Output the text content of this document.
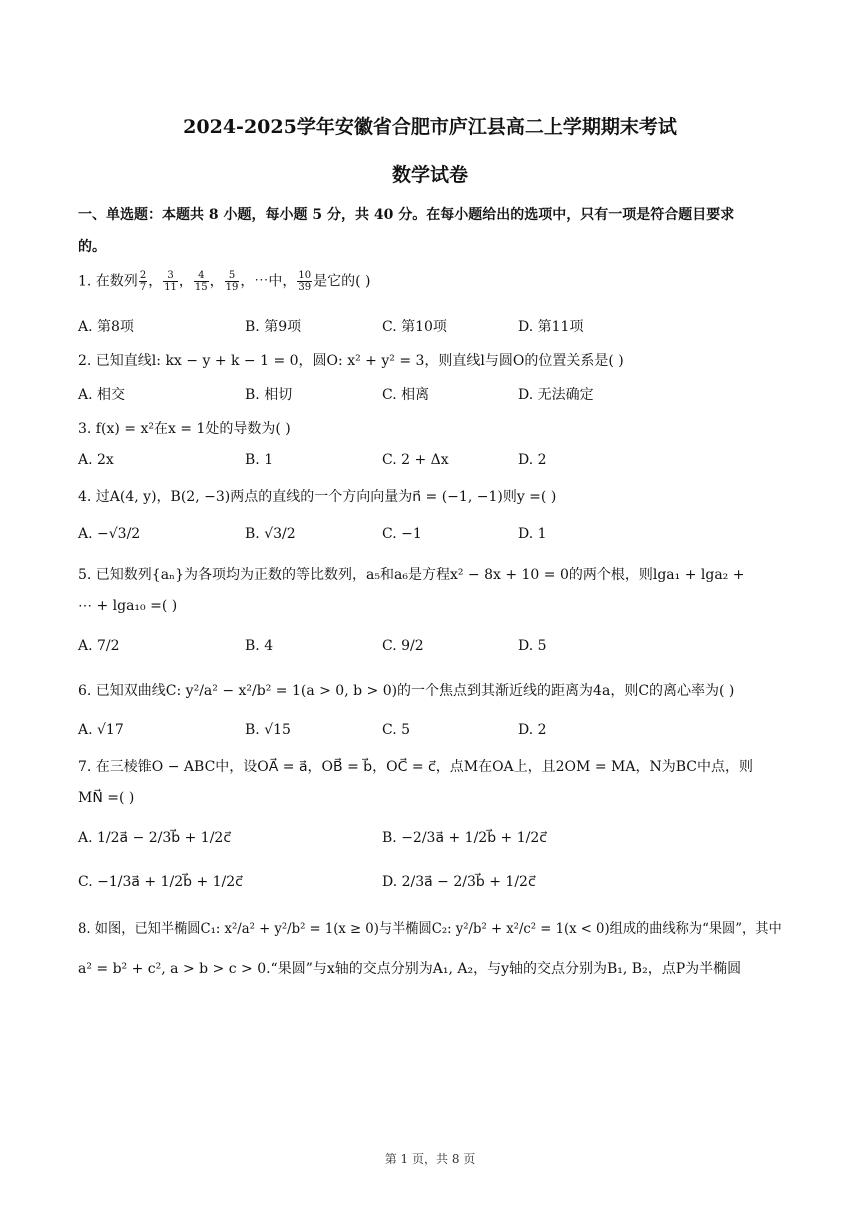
2024-2025学年安徽省合肥市庐江县高二上学期期末考试
数学试卷
一、单选题：本题共 8 小题，每小题 5 分，共 40 分。在每小题给出的选项中，只有一项是符合题目要求
的。
1. 在数列 $\frac{2}{7}$ ， $\frac{3}{11}$ ， $\frac{4}{15}$ ， $\frac{5}{19}$ ，⋯中， $\frac{10}{39}$ 是它的( )
A. 第8项	B. 第9项	C. 第10项	D. 第11项
2. 已知直线l: kx − y + k − 1 = 0，圆O: x² + y² = 3，则直线l与圆O的位置关系是( )
A. 相交	B. 相切	C. 相离	D. 无法确定
3. f(x) = x²在x = 1处的导数为( )
A. 2x	B. 1	C. 2 + Δx	D. 2
4. 过A(4, y)，B(2, −3)两点的直线的一个方向向量为n⃗ = (−1, −1)则y =( )
A. −√3/2	B. √3/2	C. −1	D. 1
5. 已知数列{aₙ}为各项均为正数的等比数列，a₅和a₆是方程x² − 8x + 10 = 0的两个根，则lga₁ + lga₂ +
⋯ + lga₁₀ =( )
A. 7/2	B. 4	C. 9/2	D. 5
6. 已知双曲线C: y²/a² − x²/b² = 1(a > 0, b > 0)的一个焦点到其渐近线的距离为4a，则C的离心率为( )
A. √17	B. √15	C. 5	D. 2
7. 在三棱锥O − ABC中，设OA⃗ = a⃗，OB⃗ = b⃗，OC⃗ = c⃗，点M在OA上，且2OM = MA，N为BC中点，则
MN⃗ =( )
A. 1/2a⃗ − 2/3b⃗ + 1/2c⃗	B. −2/3a⃗ + 1/2b⃗ + 1/2c⃗
C. −1/3a⃗ + 1/2b⃗ + 1/2c⃗	D. 2/3a⃗ − 2/3b⃗ + 1/2c⃗
8. 如图，已知半椭圆C₁: x²/a² + y²/b² = 1(x ≥ 0)与半椭圆C₂: y²/b² + x²/c² = 1(x < 0)组成的曲线称为“果圆”，其中
a² = b² + c², a > b > c > 0.“果圆”与x轴的交点分别为A₁, A₂，与y轴的交点分别为B₁, B₂，点P为半椭圆
第 1 页，共 8 页
